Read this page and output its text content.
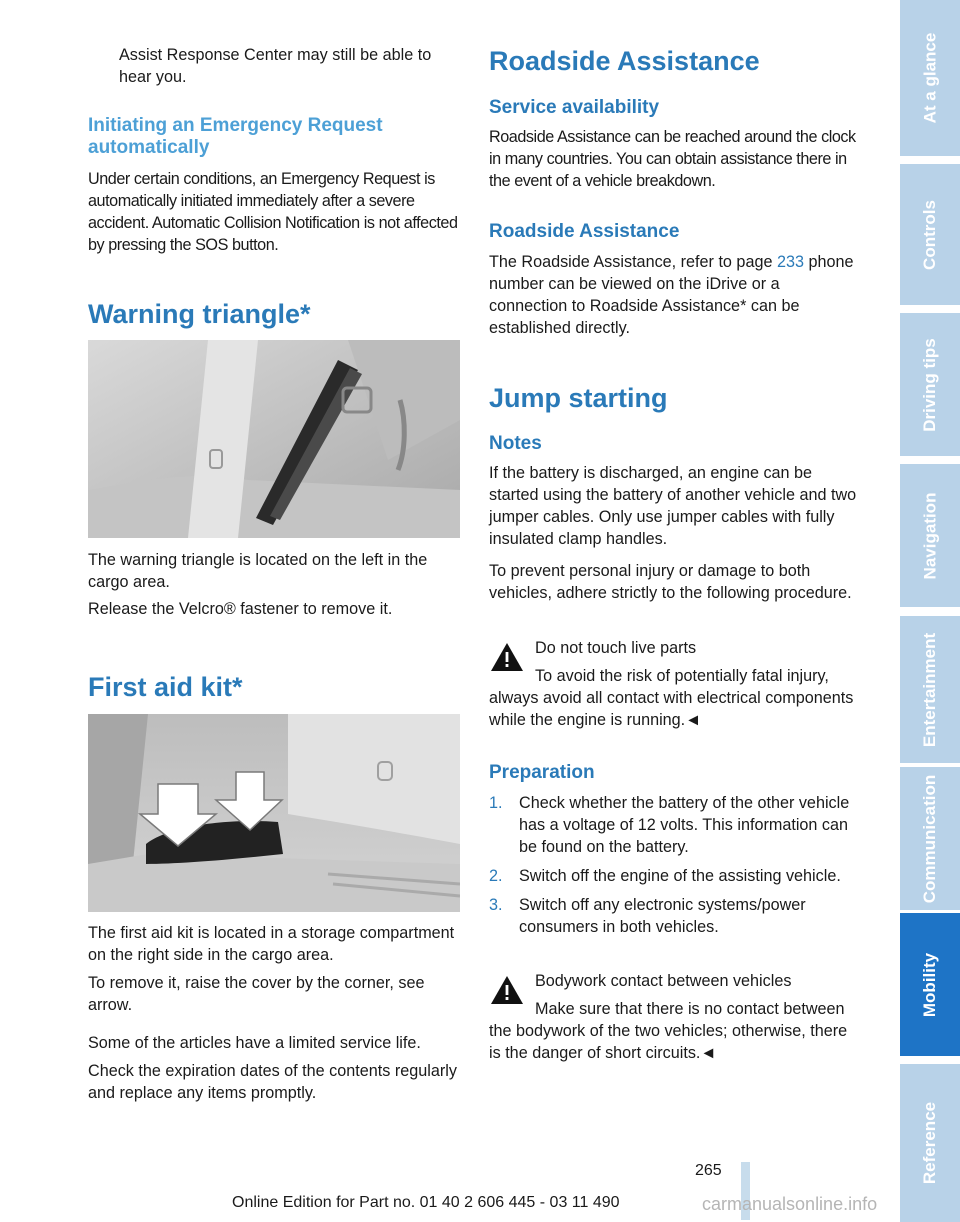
Assist Response Center may still be able to hear you.

Initiating an Emergency Request automatically

Under certain conditions, an Emergency Request is automatically initiated immediately after a severe accident. Automatic Collision Notification is not affected by pressing the SOS button.

Warning triangle*

The warning triangle is located on the left in the cargo area.

Release the Velcro® fastener to remove it.

First aid kit*

The first aid kit is located in a storage compartment on the right side in the cargo area.

To remove it, raise the cover by the corner, see arrow.

Some of the articles have a limited service life.

Check the expiration dates of the contents regularly and replace any items promptly.

Roadside Assistance
Service availability

Roadside Assistance can be reached around the clock in many countries. You can obtain assistance there in the event of a vehicle breakdown.

Roadside Assistance

The Roadside Assistance, refer to page 233 phone number can be viewed on the iDrive or a connection to Roadside Assistance* can be established directly.

Jump starting
Notes

If the battery is discharged, an engine can be started using the battery of another vehicle and two jumper cables. Only use jumper cables with fully insulated clamp handles.

To prevent personal injury or damage to both vehicles, adhere strictly to the following procedure.

Do not touch live parts

To avoid the risk of potentially fatal injury, always avoid all contact with electrical components while the engine is running.◄

Preparation
1. Check whether the battery of the other vehicle has a voltage of 12 volts. This information can be found on the battery.
2. Switch off the engine of the assisting vehicle.
3. Switch off any electronic systems/power consumers in both vehicles.

Bodywork contact between vehicles

Make sure that there is no contact between the bodywork of the two vehicles; otherwise, there is the danger of short circuits.◄

At a glance
Controls
Driving tips
Navigation
Entertainment
Communication
Mobility
Reference
265
Online Edition for Part no. 01 40 2 606 445 - 03 11 490	carmanualsonline.info
